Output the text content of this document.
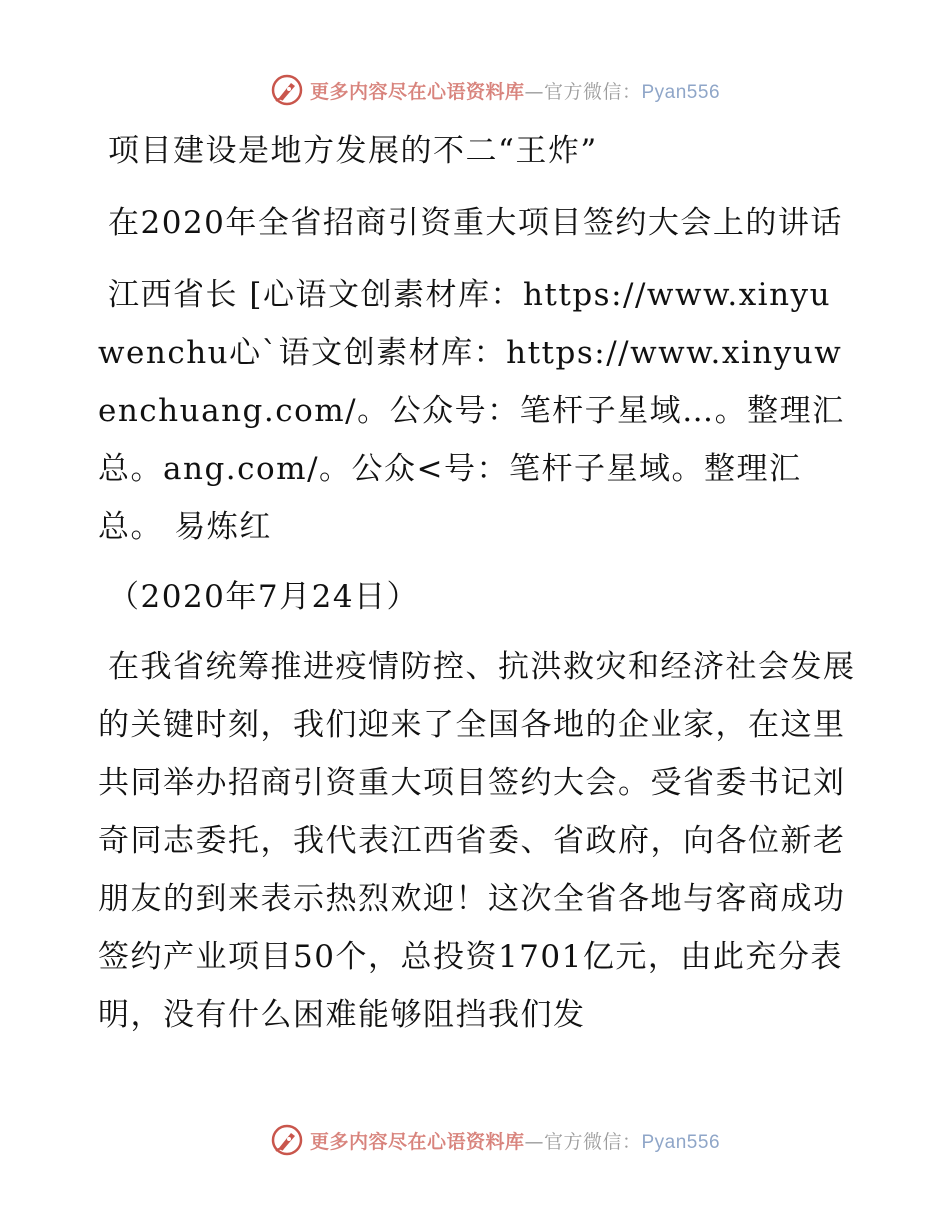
更多内容尽在心语资料库—官方微信：Pyan556

项目建设是地方发展的不二“王炸”

在2020年全省招商引资重大项目签约大会上的讲话

江西省长 [心语文创素材库：https://www.xinyuwenchu心`语文创素材库：https://www.xinyuwenchuang.com/。公众号：笔杆子星域…。整理汇总。ang.com/。公众<号：笔杆子星域。整理汇总。 易炼红

（2020年7月24日）

在我省统筹推进疫情防控、抗洪救灾和经济社会发展的关键时刻，我们迎来了全国各地的企业家，在这里共同举办招商引资重大项目签约大会。受省委书记刘奇同志委托，我代表江西省委、省政府，向各位新老朋友的到来表示热烈欢迎！这次全省各地与客商成功签约产业项目50个，总投资1701亿元，由此充分表明，没有什么困难能够阻挡我们发

更多内容尽在心语资料库—官方微信：Pyan556
